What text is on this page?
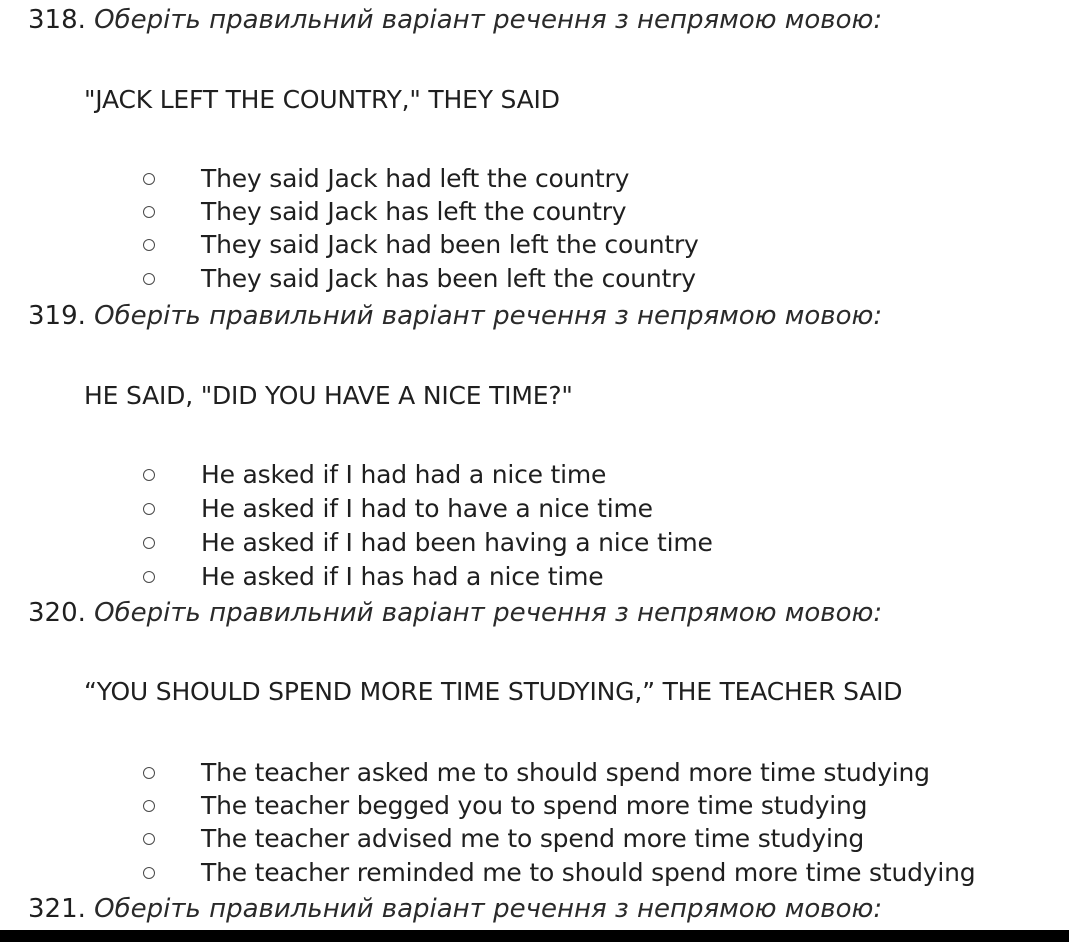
318. Оберіть правильний варіант речення з непрямою мовою:
"JACK LEFT THE COUNTRY," THEY SAID
They said Jack had left the country
They said Jack has left the country
They said Jack had been left the country
They said Jack has been left the country
319. Оберіть правильний варіант речення з непрямою мовою:
HE SAID, "DID YOU HAVE A NICE TIME?"
He asked if I had had a nice time
He asked if I had to have a nice time
He asked if I had been having a nice time
He asked if I has had a nice time
320. Оберіть правильний варіант речення з непрямою мовою:
“YOU SHOULD SPEND MORE TIME STUDYING,” THE TEACHER SAID
The teacher asked me to should spend more time studying
The teacher begged you to spend more time studying
The teacher advised me to spend more time studying
The teacher reminded me to should spend more time studying
321. Оберіть правильний варіант речення з непрямою мовою:
